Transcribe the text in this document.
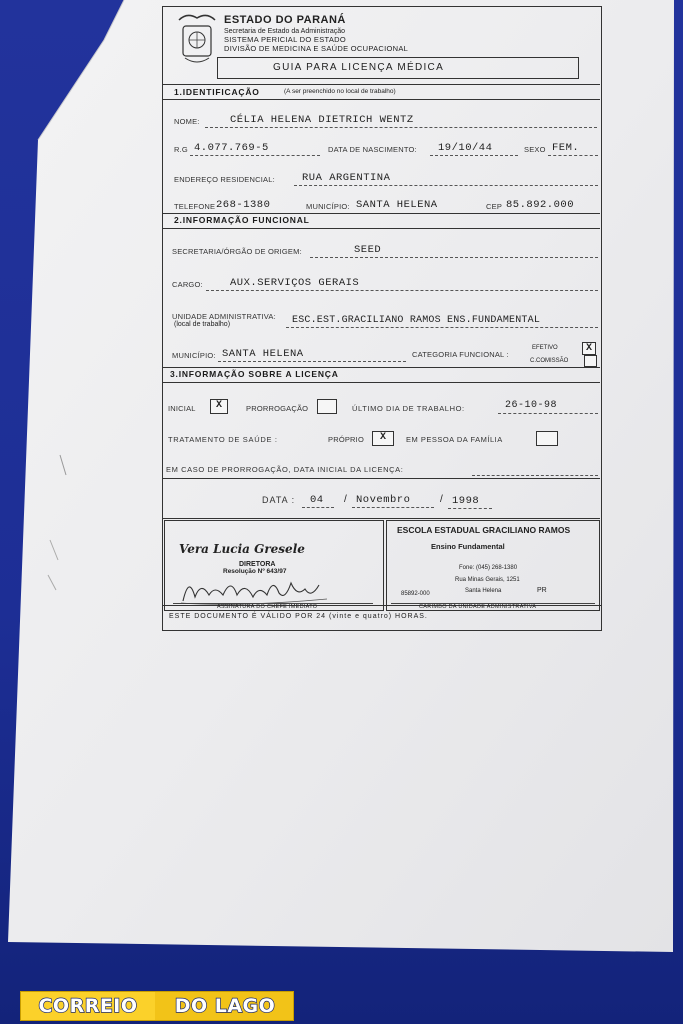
ESTADO DO PARANÁ
Secretaria de Estado da Administração
SISTEMA PERICIAL DO ESTADO
DIVISÃO DE MEDICINA E SAÚDE OCUPACIONAL
GUIA PARA LICENÇA MÉDICA
1.IDENTIFICAÇÃO	(A ser preenchido no local de trabalho)
NOME:	CÉLIA HELENA DIETRICH WENTZ
R.G 4.077.769-5	DATA DE NASCIMENTO: 19/10/44	SEXO FEM.
ENDEREÇO RESIDENCIAL:	RUA ARGENTINA
TELEFONE 268-1380	MUNICÍPIO: SANTA HELENA	CEP 85.892.000
2.INFORMAÇÃO FUNCIONAL
SECRETARIA/ÓRGÃO DE ORIGEM:	SEED
CARGO:	AUX.SERVIÇOS GERAIS
UNIDADE ADMINISTRATIVA:
(local de trabalho)	ESC.EST.GRACILIANO RAMOS ENS.FUNDAMENTAL
MUNICÍPIO: SANTA HELENA	CATEGORIA FUNCIONAL :
EFETIVO	X
C.COMISSÃO
3.INFORMAÇÃO SOBRE A LICENÇA
INICIAL	X	PRORROGAÇÃO	ÚLTIMO DIA DE TRABALHO:	26-10-98
TRATAMENTO DE SAÚDE :	PRÓPRIO	X	EM PESSOA DA FAMÍLIA
EM CASO DE PRORROGAÇÃO, DATA INICIAL DA LICENÇA:
DATA : 04 / Novembro	/ 1998
Vera Lucia Gresele
DIRETORA
Resolução Nº 643/97
ASSINATURA DO CHEFE IMEDIATO
ESCOLA ESTADUAL GRACILIANO RAMOS
Ensino Fundamental
Fone: (045) 268-1380
Rua Minas Gerais, 1251
85892-000	Santa Helena	PR
CARIMBO DA UNIDADE ADMINISTRATIVA
ESTE DOCUMENTO É VÁLIDO POR 24 (vinte e quatro) HORAS.
CORREIO	DO LAGO
